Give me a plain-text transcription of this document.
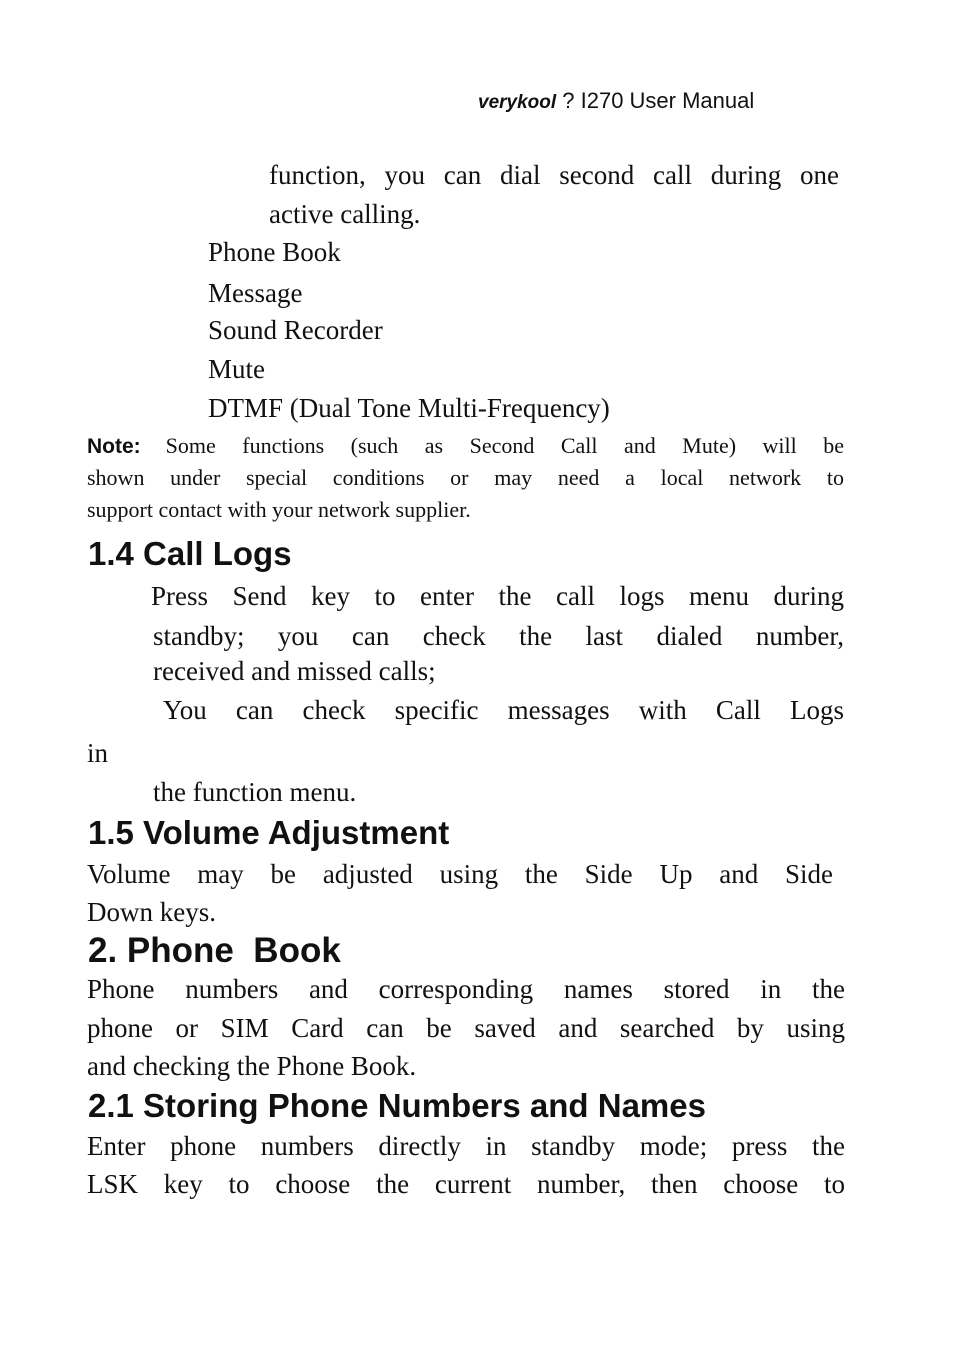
verykool ? I270 User Manual
function, you can dial second call during one
active calling.
Phone Book
Message
Sound Recorder
Mute
DTMF (Dual Tone Multi-Frequency)
Note: Some functions (such as Second Call and Mute) will be
shown under special conditions or may need a local network to
support contact with your network supplier.
1.4 Call Logs
Press Send key to enter the call logs menu during
standby; you can check the last dialed number,
received and missed calls;
You can check specific messages with Call Logs
in
the function menu.
1.5 Volume Adjustment
Volume may be adjusted using the Side Up and Side
Down keys.
2. Phone  Book
Phone numbers and corresponding names stored in the
phone or SIM Card can be saved and searched by using
and checking the Phone Book.
2.1 Storing Phone Numbers and Names
Enter phone numbers directly in standby mode; press the
LSK key to choose the current number, then choose to
